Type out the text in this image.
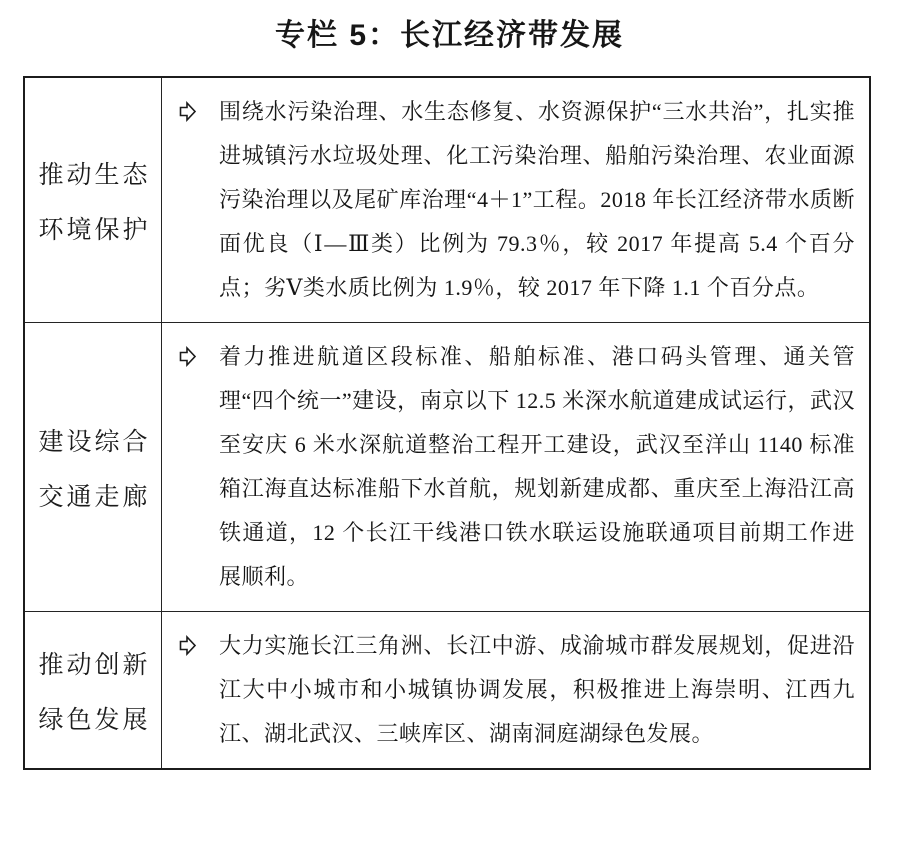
专栏 5：长江经济带发展
推动生态
环境保护
围绕水污染治理、水生态修复、水资源保护“三水共治”，扎实推进城镇污水垃圾处理、化工污染治理、船舶污染治理、农业面源污染治理以及尾矿库治理“4＋1”工程。2018 年长江经济带水质断面优良（Ⅰ—Ⅲ类）比例为 79.3％，较 2017 年提高 5.4 个百分点；劣Ⅴ类水质比例为 1.9％，较 2017 年下降 1.1 个百分点。
建设综合
交通走廊
着力推进航道区段标准、船舶标准、港口码头管理、通关管理“四个统一”建设，南京以下 12.5 米深水航道建成试运行，武汉至安庆 6 米水深航道整治工程开工建设，武汉至洋山 1140 标准箱江海直达标准船下水首航，规划新建成都、重庆至上海沿江高铁通道，12 个长江干线港口铁水联运设施联通项目前期工作进展顺利。
推动创新
绿色发展
大力实施长江三角洲、长江中游、成渝城市群发展规划，促进沿江大中小城市和小城镇协调发展，积极推进上海崇明、江西九江、湖北武汉、三峡库区、湖南洞庭湖绿色发展。
